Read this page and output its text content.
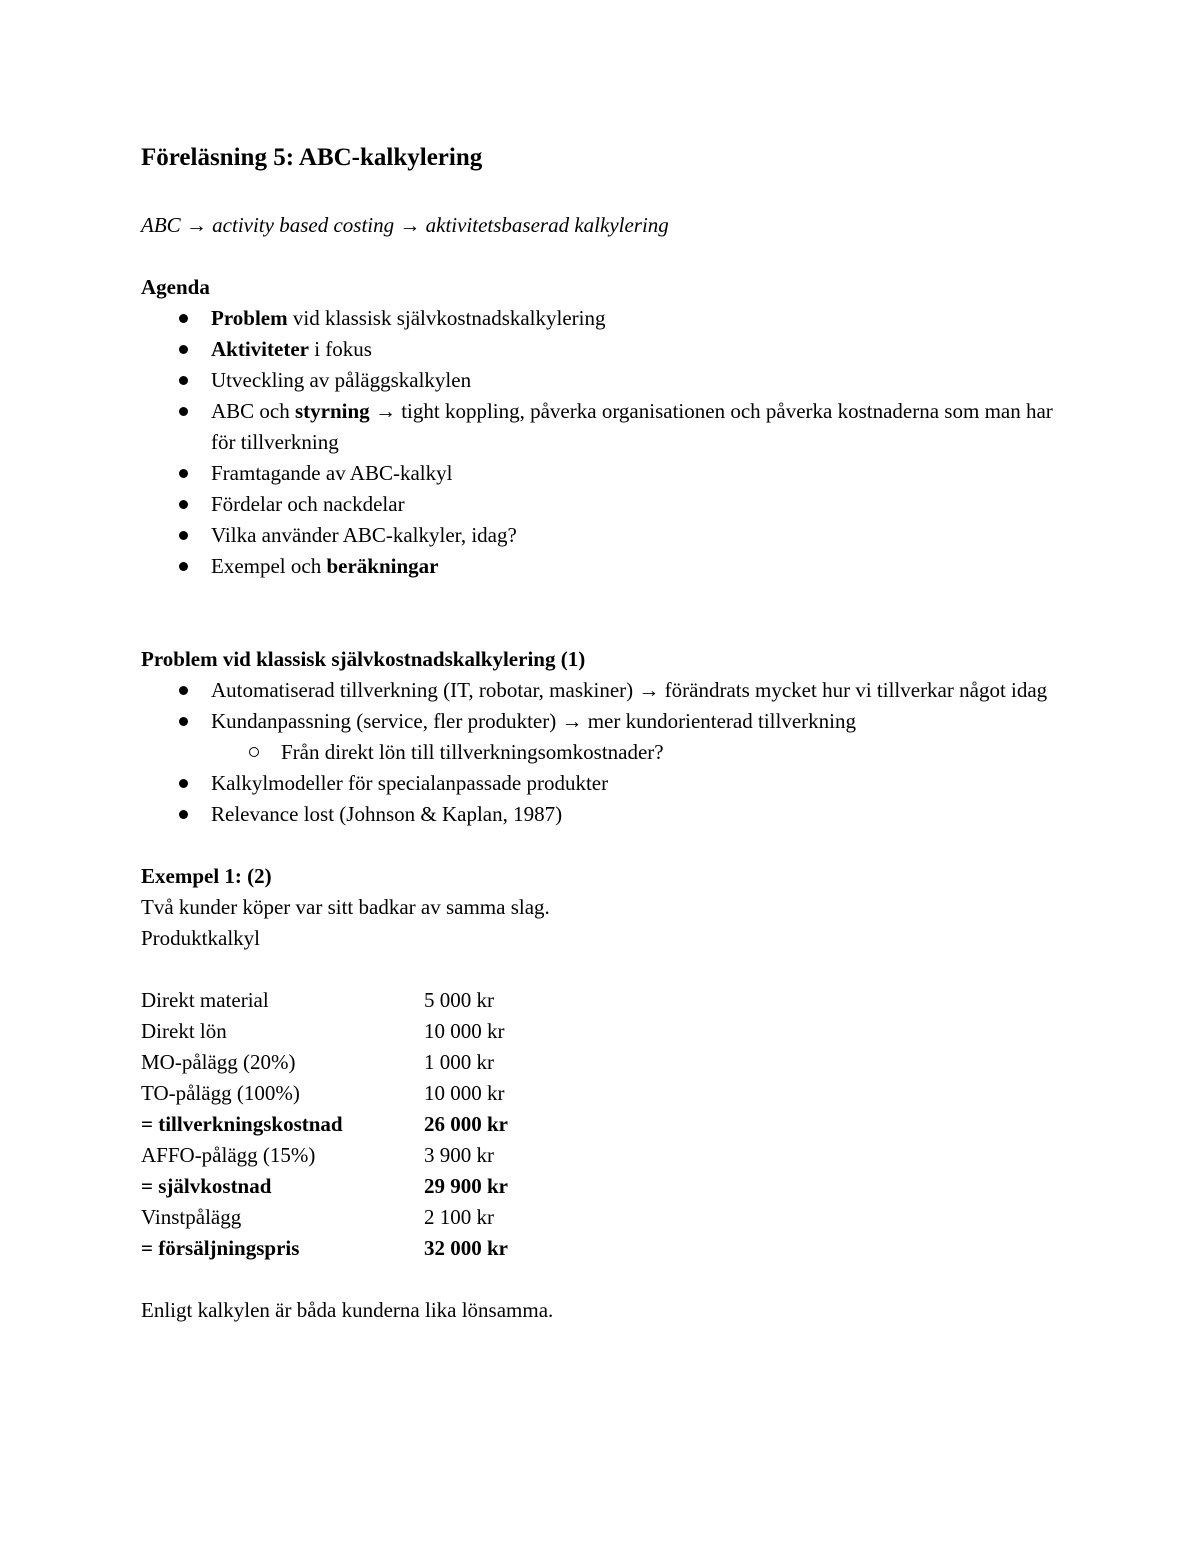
Föreläsning 5: ABC-kalkylering
ABC → activity based costing → aktivitetsbaserad kalkylering
Agenda
Problem vid klassisk självkostnadskalkylering
Aktiviteter i fokus
Utveckling av påläggskalkylen
ABC och styrning → tight koppling, påverka organisationen och påverka kostnaderna som man har för tillverkning
Framtagande av ABC-kalkyl
Fördelar och nackdelar
Vilka använder ABC-kalkyler, idag?
Exempel och beräkningar
Problem vid klassisk självkostnadskalkylering (1)
Automatiserad tillverkning (IT, robotar, maskiner) → förändrats mycket hur vi tillverkar något idag
Kundanpassning (service, fler produkter) → mer kundorienterad tillverkning
Från direkt lön till tillverkningsomkostnader?
Kalkylmodeller för specialanpassade produkter
Relevance lost (Johnson & Kaplan, 1987)
Exempel 1: (2)
Två kunder köper var sitt badkar av samma slag.
Produktkalkyl
Direkt material	5 000 kr
Direkt lön	10 000 kr
MO-pålägg (20%)	1 000 kr
TO-pålägg (100%)	10 000 kr
= tillverkningskostnad	26 000 kr
AFFO-pålägg (15%)	3 900 kr
= självkostnad	29 900 kr
Vinstpålägg	2 100 kr
= försäljningspris	32 000 kr
Enligt kalkylen är båda kunderna lika lönsamma.
